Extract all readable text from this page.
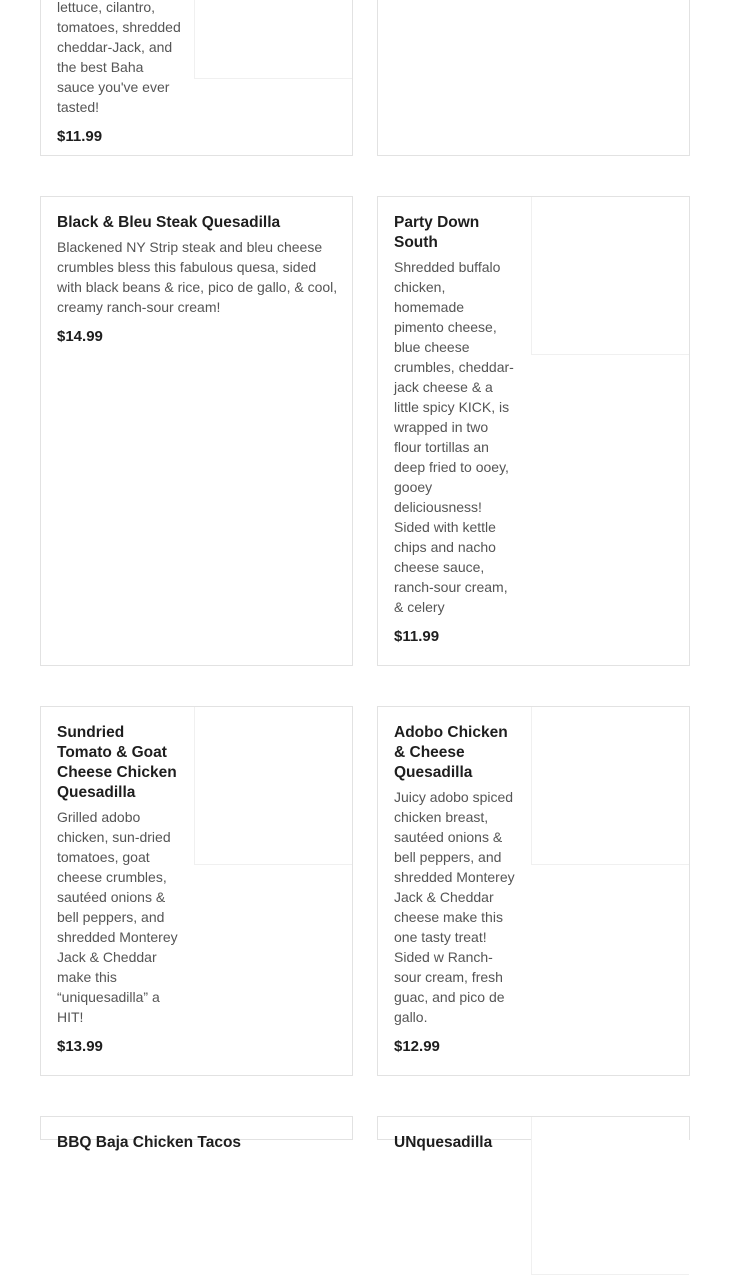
lettuce, cilantro, tomatoes, shredded cheddar-Jack, and the best Baha sauce you've ever tasted!
$11.99
Black & Bleu Steak Quesadilla
Blackened NY Strip steak and bleu cheese crumbles bless this fabulous quesa, sided with black beans & rice, pico de gallo, & cool, creamy ranch-sour cream!
$14.99
Party Down South
Shredded buffalo chicken, homemade pimento cheese, blue cheese crumbles, cheddar-jack cheese & a little spicy KICK, is wrapped in two flour tortillas an deep fried to ooey, gooey deliciousness! Sided with kettle chips and nacho cheese sauce, ranch-sour cream, & celery
$11.99
Sundried Tomato & Goat Cheese Chicken Quesadilla
Grilled adobo chicken, sun-dried tomatoes, goat cheese crumbles, sautéed onions & bell peppers, and shredded Monterey Jack & Cheddar make this “uniquesadilla” a HIT!
$13.99
Adobo Chicken & Cheese Quesadilla
Juicy adobo spiced chicken breast, sautéed onions & bell peppers, and shredded Monterey Jack & Cheddar cheese make this one tasty treat! Sided w Ranch-sour cream, fresh guac, and pico de gallo.
$12.99
BBQ Baja Chicken Tacos	UNquesadilla
